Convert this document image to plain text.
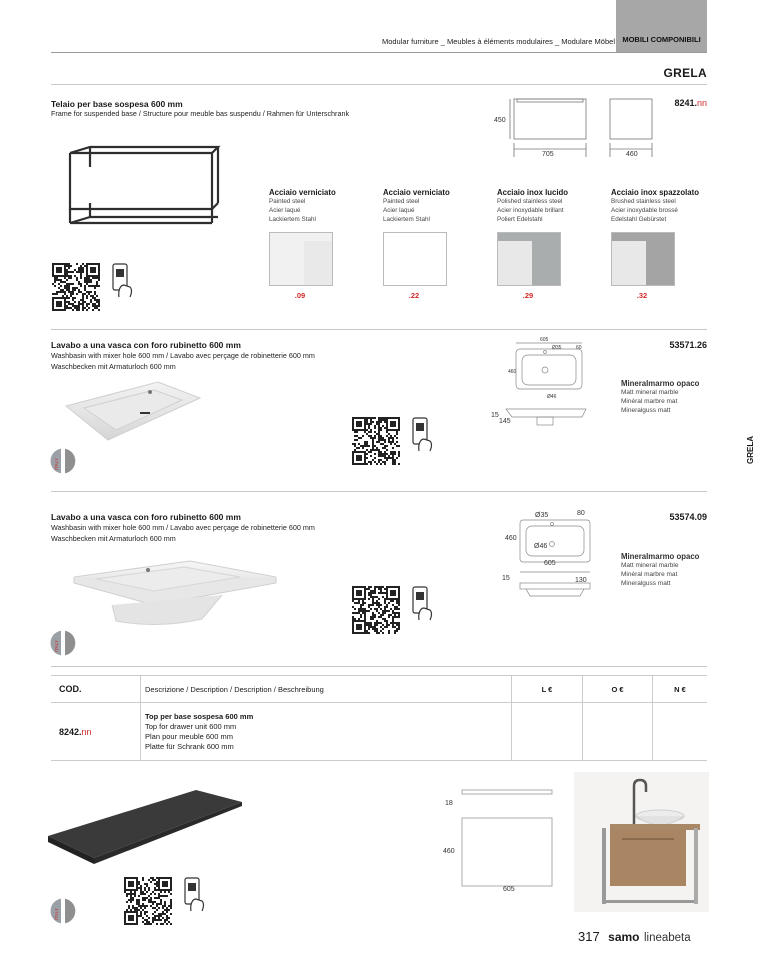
Modular furniture _ Meubles à éléments modulaires _ Modulare Möbel MOBILI COMPONIBILI
GRELA
Telaio per base sospesa 600 mm
Frame for suspended base / Structure pour meuble bas suspendu / Rahmen für Unterschrank
8241.nn
450
705	460
Acciaio verniciato
Painted steel
Acier laqué
Lackiertem Stahl
.09
Acciaio verniciato
Painted steel
Acier laqué
Lackiertem Stahl
.22
Acciaio inox lucido
Polished stainless steel
Acier inoxydable brillant
Poliert Edelstahl
.29
Acciaio inox spazzolato
Brushed stainless steel
Acier inoxydable brossé
Edelstahl Gebürstet
.32
Lavabo a una vasca con foro rubinetto 600 mm
Washbasin with mixer hole 600 mm / Lavabo avec perçage de robinetterie 600 mm
Waschbecken mit Armaturloch 600 mm
53571.26
Mineralmarmo opaco
Matt mineral marble
Minéral marbre mat
Mineralguss matt
605
Ø35	60
460
Ø46
15
145
ITALY
GRELA
Lavabo a una vasca con foro rubinetto 600 mm
Washbasin with mixer hole 600 mm / Lavabo avec perçage de robinetterie 600 mm
Waschbecken mit Armaturloch 600 mm
53574.09
Mineralmarmo opaco
Matt mineral marble
Minéral marbre mat
Mineralguss matt
Ø35	80
460
Ø46
605
15	130
ITALY
COD.	Descrizione / Description / Description / Beschreibung	L €	O €	N €
8242.nn	Top per base sospesa 600 mm
Top for drawer unit 600 mm
Plan pour meuble 600 mm
Platte für Schrank 600 mm			

18
460
605
ITALY
317 samo lineabeta
